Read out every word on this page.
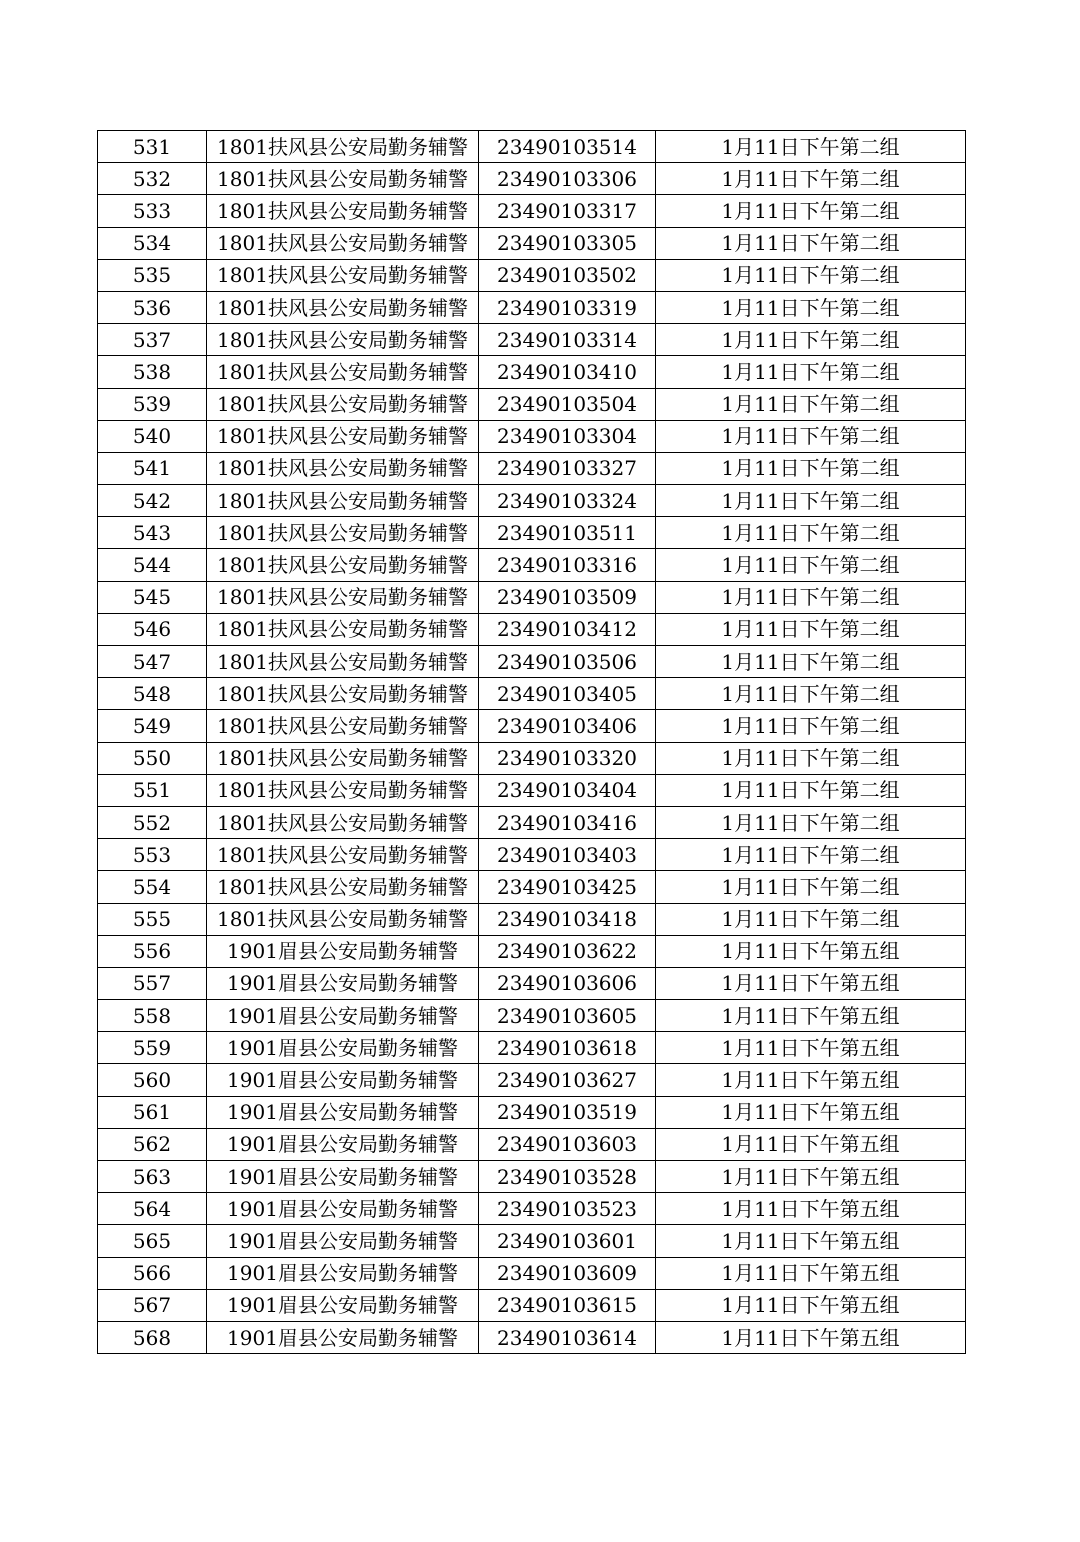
531	1801扶风县公安局勤务辅警	23490103514	1月11日下午第二组
532	1801扶风县公安局勤务辅警	23490103306	1月11日下午第二组
533	1801扶风县公安局勤务辅警	23490103317	1月11日下午第二组
534	1801扶风县公安局勤务辅警	23490103305	1月11日下午第二组
535	1801扶风县公安局勤务辅警	23490103502	1月11日下午第二组
536	1801扶风县公安局勤务辅警	23490103319	1月11日下午第二组
537	1801扶风县公安局勤务辅警	23490103314	1月11日下午第二组
538	1801扶风县公安局勤务辅警	23490103410	1月11日下午第二组
539	1801扶风县公安局勤务辅警	23490103504	1月11日下午第二组
540	1801扶风县公安局勤务辅警	23490103304	1月11日下午第二组
541	1801扶风县公安局勤务辅警	23490103327	1月11日下午第二组
542	1801扶风县公安局勤务辅警	23490103324	1月11日下午第二组
543	1801扶风县公安局勤务辅警	23490103511	1月11日下午第二组
544	1801扶风县公安局勤务辅警	23490103316	1月11日下午第二组
545	1801扶风县公安局勤务辅警	23490103509	1月11日下午第二组
546	1801扶风县公安局勤务辅警	23490103412	1月11日下午第二组
547	1801扶风县公安局勤务辅警	23490103506	1月11日下午第二组
548	1801扶风县公安局勤务辅警	23490103405	1月11日下午第二组
549	1801扶风县公安局勤务辅警	23490103406	1月11日下午第二组
550	1801扶风县公安局勤务辅警	23490103320	1月11日下午第二组
551	1801扶风县公安局勤务辅警	23490103404	1月11日下午第二组
552	1801扶风县公安局勤务辅警	23490103416	1月11日下午第二组
553	1801扶风县公安局勤务辅警	23490103403	1月11日下午第二组
554	1801扶风县公安局勤务辅警	23490103425	1月11日下午第二组
555	1801扶风县公安局勤务辅警	23490103418	1月11日下午第二组
556	1901眉县公安局勤务辅警	23490103622	1月11日下午第五组
557	1901眉县公安局勤务辅警	23490103606	1月11日下午第五组
558	1901眉县公安局勤务辅警	23490103605	1月11日下午第五组
559	1901眉县公安局勤务辅警	23490103618	1月11日下午第五组
560	1901眉县公安局勤务辅警	23490103627	1月11日下午第五组
561	1901眉县公安局勤务辅警	23490103519	1月11日下午第五组
562	1901眉县公安局勤务辅警	23490103603	1月11日下午第五组
563	1901眉县公安局勤务辅警	23490103528	1月11日下午第五组
564	1901眉县公安局勤务辅警	23490103523	1月11日下午第五组
565	1901眉县公安局勤务辅警	23490103601	1月11日下午第五组
566	1901眉县公安局勤务辅警	23490103609	1月11日下午第五组
567	1901眉县公安局勤务辅警	23490103615	1月11日下午第五组
568	1901眉县公安局勤务辅警	23490103614	1月11日下午第五组
